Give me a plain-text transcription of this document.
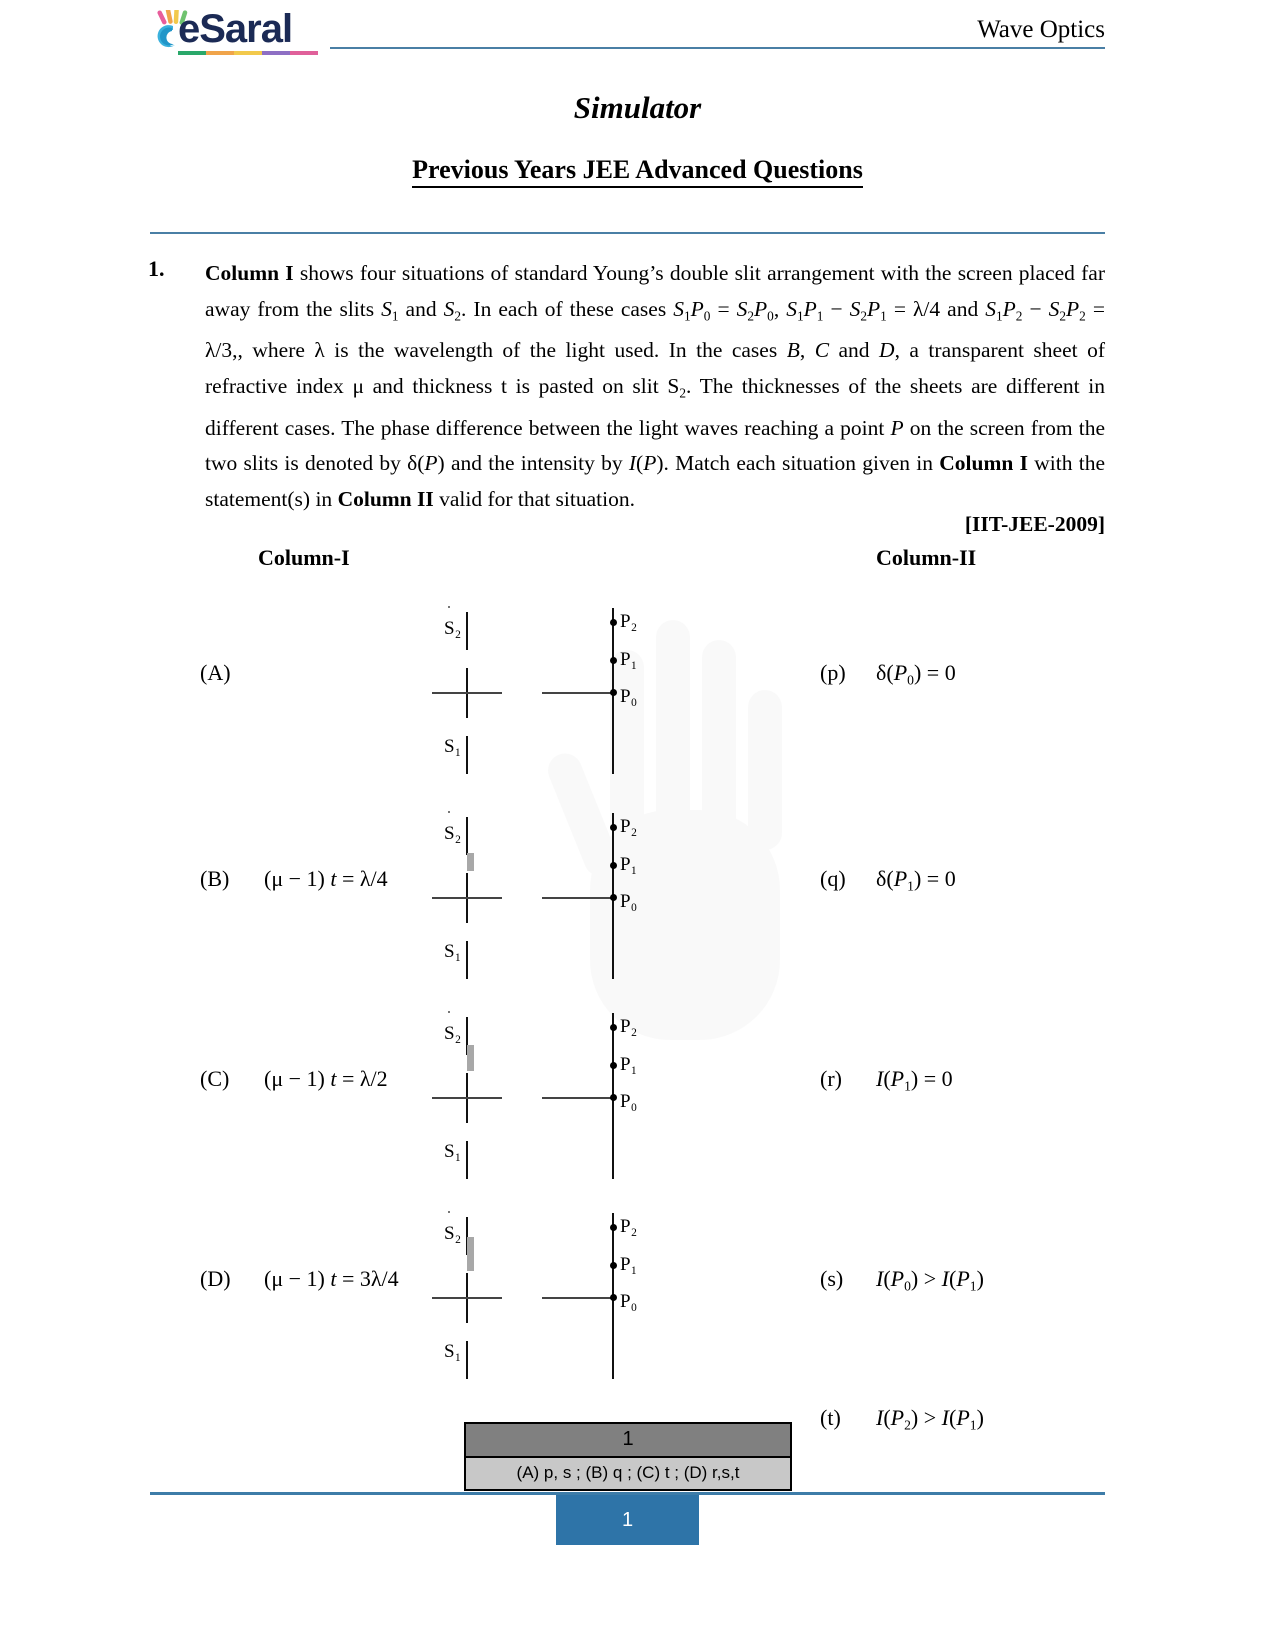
eSaral	Wave Optics
Simulator
Previous Years JEE Advanced Questions
1. Column I shows four situations of standard Young’s double slit arrangement with the screen placed far away from the slits $S_1$ and $S_2$. In each of these cases $S_1P_0 = S_2P_0$, $S_1P_1 - S_2P_1 = \lambda/4$ and $S_1P_2 - S_2P_2 = \lambda/3$,, where λ is the wavelength of the light used. In the cases B, C and D, a transparent sheet of refractive index μ and thickness t is pasted on slit $S_2$. The thicknesses of the sheets are different in different cases. The phase difference between the light waves reaching a point P on the screen from the two slits is denoted by δ(P) and the intensity by I(P). Match each situation given in Column I with the statement(s) in Column II valid for that situation.
[IIT-JEE-2009]
Column-I	Column-II
(A)
S₂
S₁
P₂
P₁
P₀
(B) (μ − 1) t = λ/4
S₂
S₁
P₂
P₁
P₀
(C) (μ − 1) t = λ/2
S₂
S₁
P₂
P₁
P₀
(D) (μ − 1) t = 3λ/4
S₂
S₁
P₂
P₁
P₀
(p) $\delta(P_0) = 0$
(q) $\delta(P_1) = 0$
(r) $I(P_1) = 0$
(s) $I(P_0) > I(P_1)$
(t) $I(P_2) > I(P_1)$
1
(A) p, s ; (B) q ; (C) t ; (D) r,s,t
1
